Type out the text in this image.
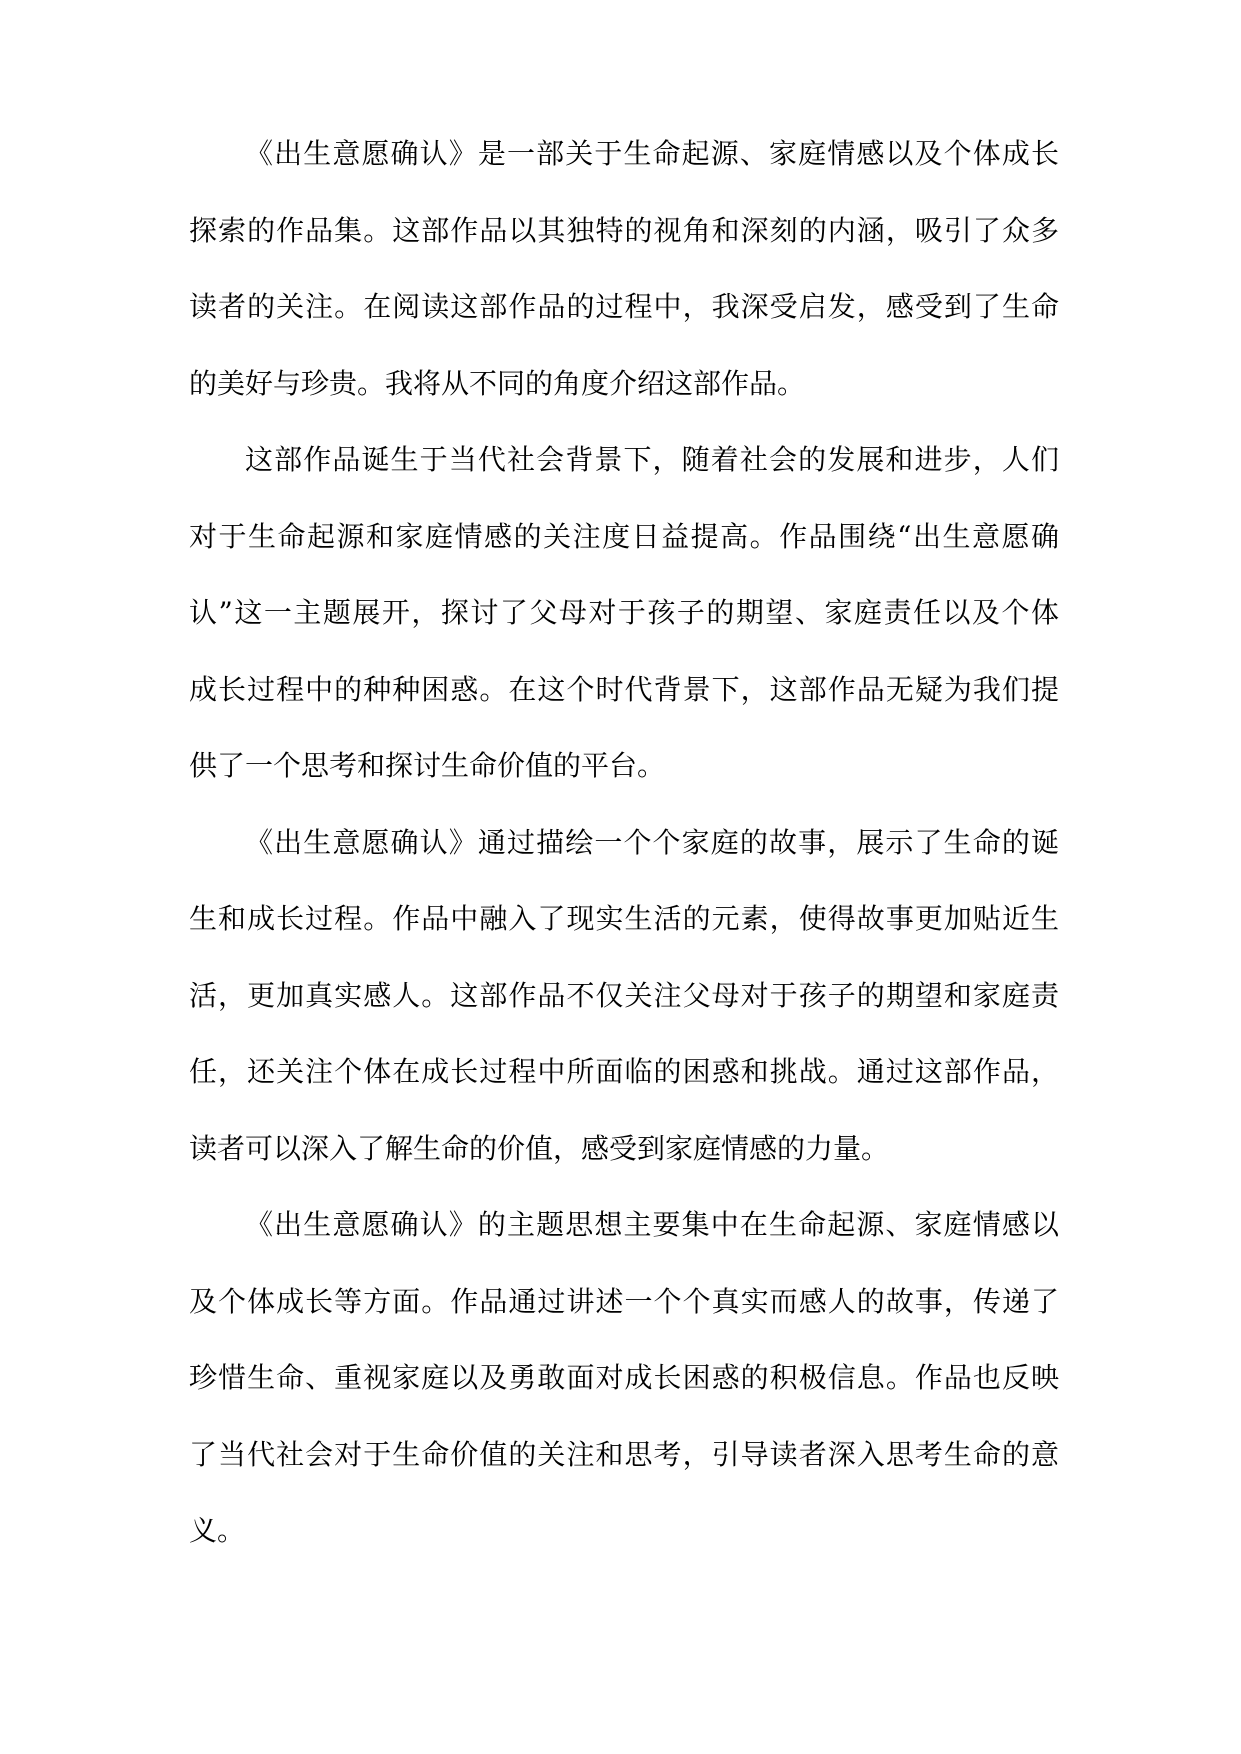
《出生意愿确认》是一部关于生命起源、家庭情感以及个体成长
探索的作品集。这部作品以其独特的视角和深刻的内涵，吸引了众多
读者的关注。在阅读这部作品的过程中，我深受启发，感受到了生命
的美好与珍贵。我将从不同的角度介绍这部作品。
这部作品诞生于当代社会背景下，随着社会的发展和进步，人们
对于生命起源和家庭情感的关注度日益提高。作品围绕“出生意愿确
认”这一主题展开，探讨了父母对于孩子的期望、家庭责任以及个体
成长过程中的种种困惑。在这个时代背景下，这部作品无疑为我们提
供了一个思考和探讨生命价值的平台。
《出生意愿确认》通过描绘一个个家庭的故事，展示了生命的诞
生和成长过程。作品中融入了现实生活的元素，使得故事更加贴近生
活，更加真实感人。这部作品不仅关注父母对于孩子的期望和家庭责
任，还关注个体在成长过程中所面临的困惑和挑战。通过这部作品，
读者可以深入了解生命的价值，感受到家庭情感的力量。
《出生意愿确认》的主题思想主要集中在生命起源、家庭情感以
及个体成长等方面。作品通过讲述一个个真实而感人的故事，传递了
珍惜生命、重视家庭以及勇敢面对成长困惑的积极信息。作品也反映
了当代社会对于生命价值的关注和思考，引导读者深入思考生命的意
义。
